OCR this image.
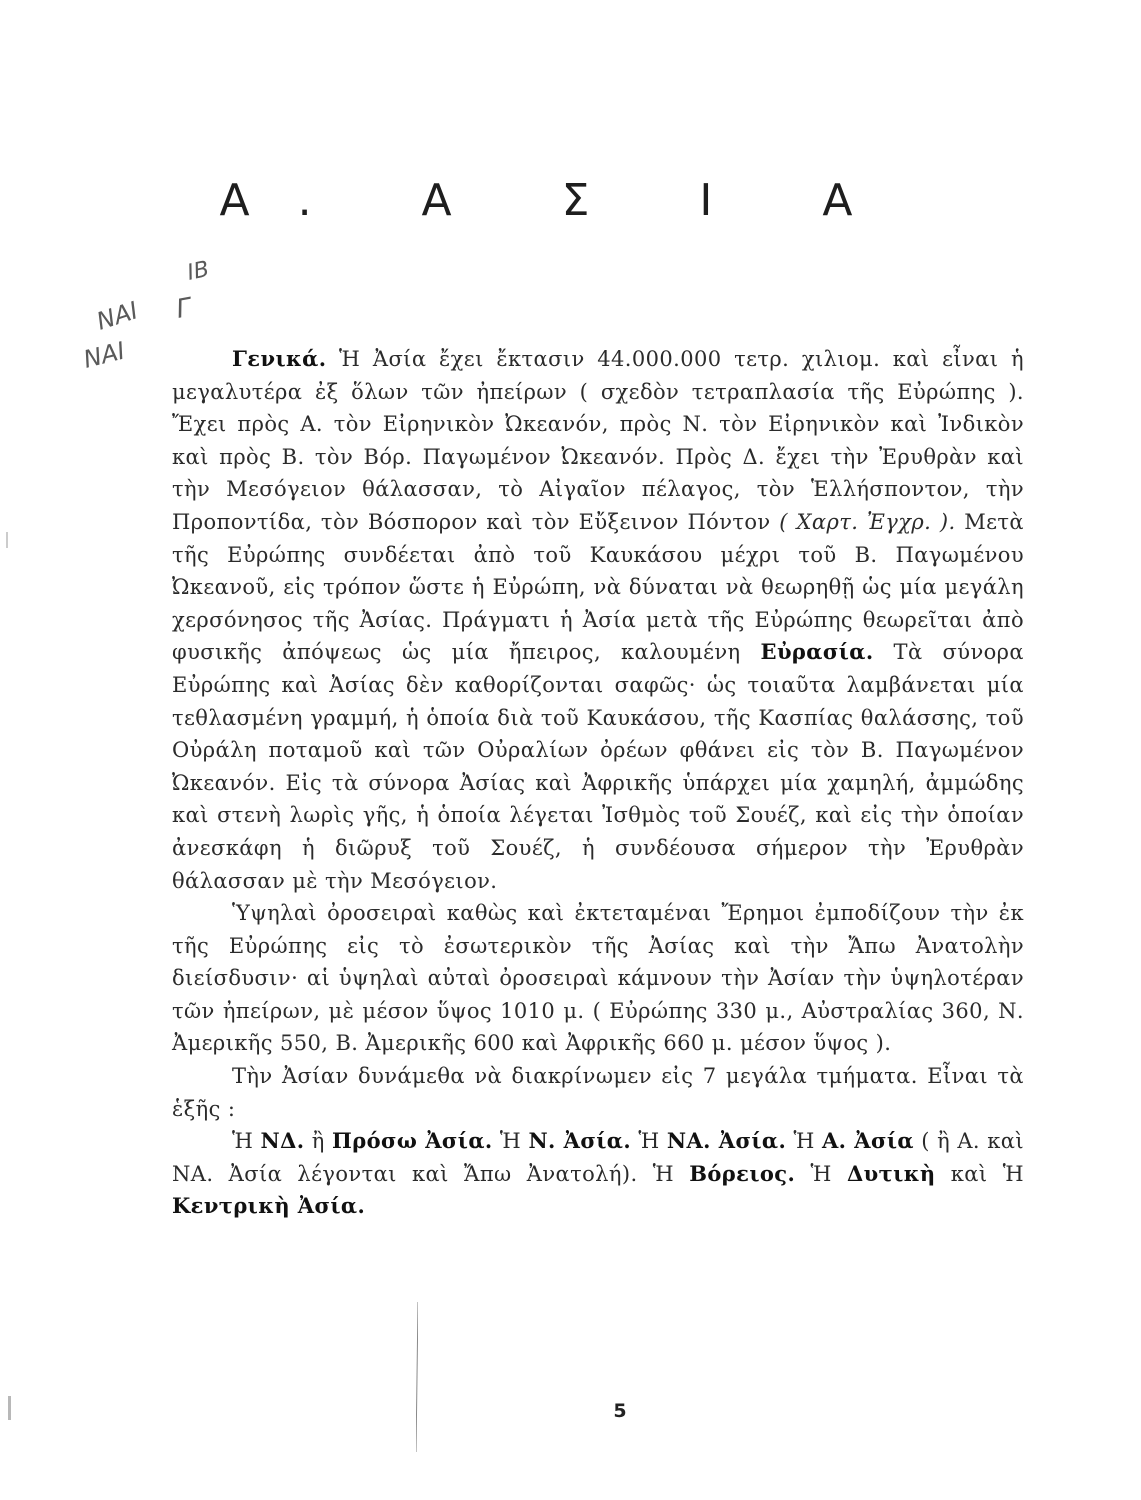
Α. Α Σ Ι Α
ΙΒ
ΝΑΙ Γ
ΝΑΙ	Γενικά. Ἡ Ἀσία ἔχει ἔκτασιν 44.000.000 τετρ. χιλιομ. καὶ εἶναι ἡ μεγαλυτέρα ἐξ ὅλων τῶν ἠπείρων ( σχεδὸν τετραπλασία τῆς Εὐρώπης ). Ἔχει πρὸς Α. τὸν Εἰρηνικὸν Ὠκεανόν, πρὸς Ν. τὸν Εἰρηνικὸν καὶ Ἰνδικὸν καὶ πρὸς Β. τὸν Βόρ. Παγωμένον Ὠκεανόν. Πρὸς Δ. ἔχει τὴν Ἐρυθρὰν καὶ τὴν Μεσόγειον θάλασσαν, τὸ Αἰγαῖον πέλαγος, τὸν Ἑλλήσποντον, τὴν Προποντίδα, τὸν Βόσπορον καὶ τὸν Εὔξεινον Πόντον ( Χαρτ. Ἐγχρ. ). Μετὰ τῆς Εὐρώπης συνδέεται ἀπὸ τοῦ Καυκάσου μέχρι τοῦ Β. Παγωμένου Ὠκεανοῦ, εἰς τρόπον ὥστε ἡ Εὐρώπη, νὰ δύναται νὰ θεωρηθῇ ὡς μία μεγάλη χερσόνησος τῆς Ἀσίας. Πράγματι ἡ Ἀσία μετὰ τῆς Εὐρώπης θεωρεῖται ἀπὸ φυσικῆς ἀπόψεως ὡς μία ἤπειρος, καλουμένη Εὐρασία. Τὰ σύνορα Εὐρώπης καὶ Ἀσίας δὲν καθορίζονται σαφῶς· ὡς τοιαῦτα λαμβάνεται μία τεθλασμένη γραμμή, ἡ ὁποία διὰ τοῦ Καυκάσου, τῆς Κασπίας θαλάσσης, τοῦ Οὐράλη ποταμοῦ καὶ τῶν Οὐραλίων ὀρέων φθάνει εἰς τὸν Β. Παγωμένον Ὠκεανόν. Εἰς τὰ σύνορα Ἀσίας καὶ Ἀφρικῆς ὑπάρχει μία χαμηλή, ἀμμώδης καὶ στενὴ λωρὶς γῆς, ἡ ὁποία λέγεται Ἰσθμὸς τοῦ Σουέζ, καὶ εἰς τὴν ὁποίαν ἀνεσκάφη ἡ διῶρυξ τοῦ Σουέζ, ἡ συνδέουσα σήμερον τὴν Ἐρυθρὰν θάλασσαν μὲ τὴν Μεσόγειον.

Ὑψηλαὶ ὀροσειραὶ καθὼς καὶ ἐκτεταμέναι Ἔρημοι ἐμποδίζουν τὴν ἐκ τῆς Εὐρώπης εἰς τὸ ἐσωτερικὸν τῆς Ἀσίας καὶ τὴν Ἄπω Ἀνατολὴν διείσδυσιν· αἱ ὑψηλαὶ αὐταὶ ὀροσειραὶ κάμνουν τὴν Ἀσίαν τὴν ὑψηλοτέραν τῶν ἠπείρων, μὲ μέσον ὕψος 1010 μ. ( Εὐρώπης 330 μ., Αὐστραλίας 360, Ν. Ἀμερικῆς 550, Β. Ἀμερικῆς 600 καὶ Ἀφρικῆς 660 μ. μέσον ὕψος ).

Τὴν Ἀσίαν δυνάμεθα νὰ διακρίνωμεν εἰς 7 μεγάλα τμήματα. Εἶναι τὰ ἑξῆς :

Ἡ ΝΔ. ἢ Πρόσω Ἀσία. Ἡ Ν. Ἀσία. Ἡ ΝΑ. Ἀσία. Ἡ Α. Ἀσία ( ἢ Α. καὶ ΝΑ. Ἀσία λέγονται καὶ Ἄπω Ἀνατολή). Ἡ Βόρειος. Ἡ Δυτικὴ καὶ Ἡ Κεντρικὴ Ἀσία.

5
